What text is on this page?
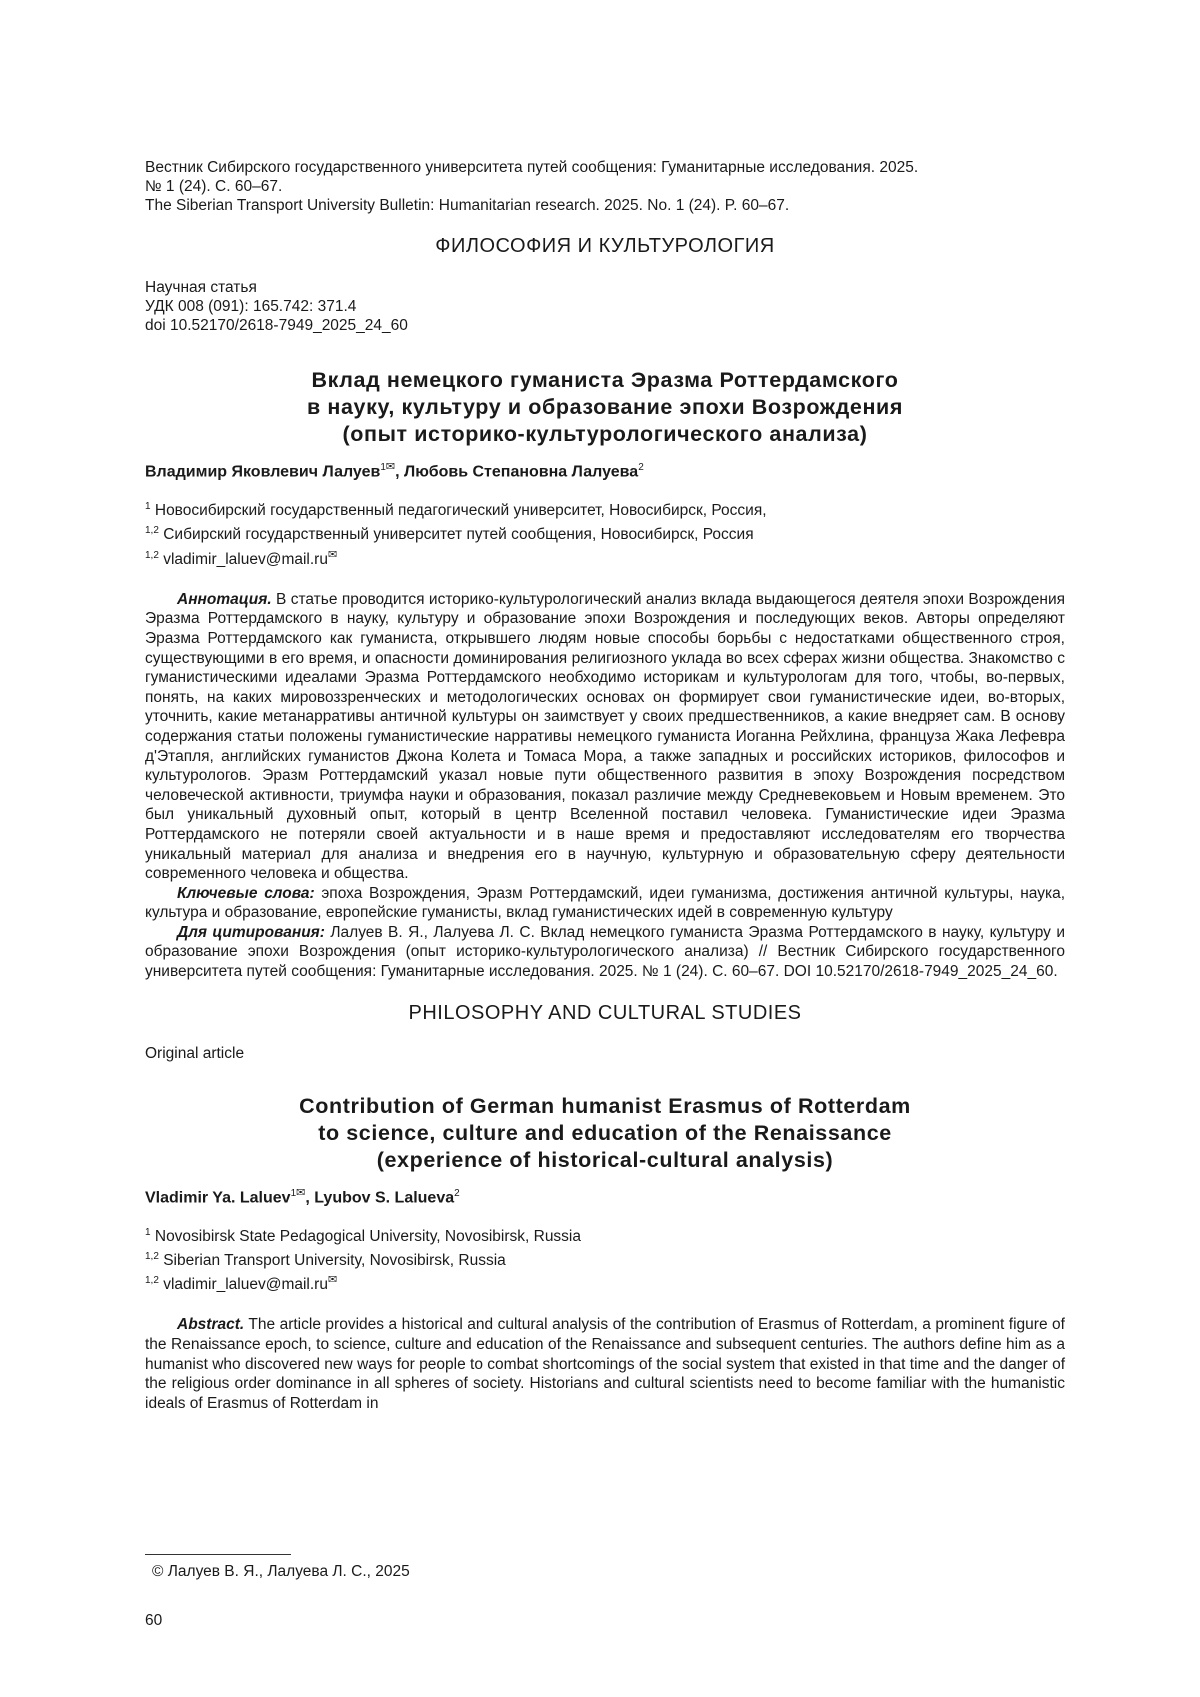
Вестник Сибирского государственного университета путей сообщения: Гуманитарные исследования. 2025.
№ 1 (24). С. 60–67.
The Siberian Transport University Bulletin: Humanitarian research. 2025. No. 1 (24). P. 60–67.
ФИЛОСОФИЯ И КУЛЬТУРОЛОГИЯ
Научная статья
УДК 008 (091): 165.742: 371.4
doi 10.52170/2618-7949_2025_24_60
Вклад немецкого гуманиста Эразма Роттердамского
в науку, культуру и образование эпохи Возрождения
(опыт историко-культурологического анализа)
Владимир Яковлевич Лалуев$^1$✉, Любовь Степановна Лалуева$^2$
$^1$ Новосибирский государственный педагогический университет, Новосибирск, Россия,
$^{1,2}$ Сибирский государственный университет путей сообщения, Новосибирск, Россия
$^{1,2}$ vladimir_laluev@mail.ru✉

Аннотация. В статье проводится историко-культурологический анализ вклада выдающегося деятеля эпохи Возрождения Эразма Роттердамского в науку, культуру и образование эпохи Возрождения и последующих веков. Авторы определяют Эразма Роттердамского как гуманиста, открывшего людям новые способы борьбы с недостатками общественного строя, существующими в его время, и опасности доминирования религиозного уклада во всех сферах жизни общества. Знакомство с гуманистическими идеалами Эразма Роттердамского необходимо историкам и культурологам для того, чтобы, во-первых, понять, на каких мировоззренческих и методологических основах он формирует свои гуманистические идеи, во-вторых, уточнить, какие метанарративы античной культуры он заимствует у своих предшественников, а какие внедряет сам. В основу содержания статьи положены гуманистические нарративы немецкого гуманиста Иоганна Рейхлина, француза Жака Лефевра д'Этапля, английских гуманистов Джона Колета и Томаса Мора, а также западных и российских историков, философов и культурологов. Эразм Роттердамский указал новые пути общественного развития в эпоху Возрождения посредством человеческой активности, триумфа науки и образования, показал различие между Средневековьем и Новым временем. Это был уникальный духовный опыт, который в центр Вселенной поставил человека. Гуманистические идеи Эразма Роттердамского не потеряли своей актуальности и в наше время и предоставляют исследователям его творчества уникальный материал для анализа и внедрения его в научную, культурную и образовательную сферу деятельности современного человека и общества.

Ключевые слова: эпоха Возрождения, Эразм Роттердамский, идеи гуманизма, достижения античной культуры, наука, культура и образование, европейские гуманисты, вклад гуманистических идей в современную культуру

Для цитирования: Лалуев В. Я., Лалуева Л. С. Вклад немецкого гуманиста Эразма Роттердамского в науку, культуру и образование эпохи Возрождения (опыт историко-культурологического анализа) // Вестник Сибирского государственного университета путей сообщения: Гуманитарные исследования. 2025. № 1 (24). С. 60–67. DOI 10.52170/2618-7949_2025_24_60.

PHILOSOPHY AND CULTURAL STUDIES
Original article
Contribution of German humanist Erasmus of Rotterdam
to science, culture and education of the Renaissance
(experience of historical-cultural analysis)
Vladimir Ya. Laluev$^1$✉, Lyubov S. Lalueva$^2$
$^1$ Novosibirsk State Pedagogical University, Novosibirsk, Russia
$^{1,2}$ Siberian Transport University, Novosibirsk, Russia
$^{1,2}$ vladimir_laluev@mail.ru✉

Abstract. The article provides a historical and cultural analysis of the contribution of Erasmus of Rotterdam, a prominent figure of the Renaissance epoch, to science, culture and education of the Renaissance and subsequent centuries. The authors define him as a humanist who discovered new ways for people to combat shortcomings of the social system that existed in that time and the danger of the religious order dominance in all spheres of society. Historians and cultural scientists need to become familiar with the humanistic ideals of Erasmus of Rotterdam in

© Лалуев В. Я., Лалуева Л. С., 2025
60
